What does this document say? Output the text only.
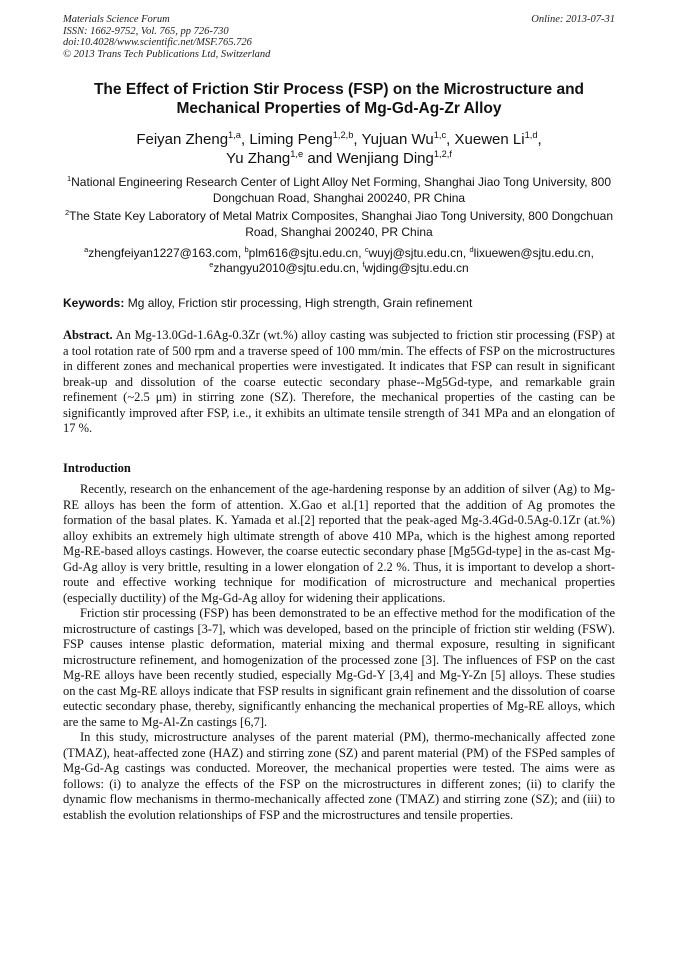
Materials Science Forum
ISSN: 1662-9752, Vol. 765, pp 726-730
doi:10.4028/www.scientific.net/MSF.765.726
© 2013 Trans Tech Publications Ltd, Switzerland
Online: 2013-07-31
The Effect of Friction Stir Process (FSP) on the Microstructure and Mechanical Properties of Mg-Gd-Ag-Zr Alloy
Feiyan Zheng$^{1,a}$, Liming Peng$^{1,2,b}$, Yujuan Wu$^{1,c}$, Xuewen Li$^{1,d}$,
Yu Zhang$^{1,e}$ and Wenjiang Ding$^{1,2,f}$
$^1$National Engineering Research Center of Light Alloy Net Forming, Shanghai Jiao Tong University, 800 Dongchuan Road, Shanghai 200240, PR China
$^2$The State Key Laboratory of Metal Matrix Composites, Shanghai Jiao Tong University, 800 Dongchuan Road, Shanghai 200240, PR China
$^a$zhengfeiyan1227@163.com, $^b$plm616@sjtu.edu.cn, $^c$wuyj@sjtu.edu.cn, $^d$lixuewen@sjtu.edu.cn,
$^e$zhangyu2010@sjtu.edu.cn, $^f$wjding@sjtu.edu.cn
Keywords: Mg alloy, Friction stir processing, High strength, Grain refinement
Abstract. An Mg-13.0Gd-1.6Ag-0.3Zr (wt.%) alloy casting was subjected to friction stir processing (FSP) at a tool rotation rate of 500 rpm and a traverse speed of 100 mm/min. The effects of FSP on the microstructures in different zones and mechanical properties were investigated. It indicates that FSP can result in significant break-up and dissolution of the coarse eutectic secondary phase--Mg5Gd-type, and remarkable grain refinement (~2.5 μm) in stirring zone (SZ). Therefore, the mechanical properties of the casting can be significantly improved after FSP, i.e., it exhibits an ultimate tensile strength of 341 MPa and an elongation of 17 %.
Introduction

Recently, research on the enhancement of the age-hardening response by an addition of silver (Ag) to Mg-RE alloys has been the form of attention. X.Gao et al.[1] reported that the addition of Ag promotes the formation of the basal plates. K. Yamada et al.[2] reported that the peak-aged Mg-3.4Gd-0.5Ag-0.1Zr (at.%) alloy exhibits an extremely high ultimate strength of above 410 MPa, which is the highest among reported Mg-RE-based alloys castings. However, the coarse eutectic secondary phase [Mg5Gd-type] in the as-cast Mg-Gd-Ag alloy is very brittle, resulting in a lower elongation of 2.2 %. Thus, it is important to develop a short-route and effective working technique for modification of microstructure and mechanical properties (especially ductility) of the Mg-Gd-Ag alloy for widening their applications.

Friction stir processing (FSP) has been demonstrated to be an effective method for the modification of the microstructure of castings [3-7], which was developed, based on the principle of friction stir welding (FSW). FSP causes intense plastic deformation, material mixing and thermal exposure, resulting in significant microstructure refinement, and homogenization of the processed zone [3]. The influences of FSP on the cast Mg-RE alloys have been recently studied, especially Mg-Gd-Y [3,4] and Mg-Y-Zn [5] alloys. These studies on the cast Mg-RE alloys indicate that FSP results in significant grain refinement and the dissolution of coarse eutectic secondary phase, thereby, significantly enhancing the mechanical properties of Mg-RE alloys, which are the same to Mg-Al-Zn castings [6,7].

In this study, microstructure analyses of the parent material (PM), thermo-mechanically affected zone (TMAZ), heat-affected zone (HAZ) and stirring zone (SZ) and parent material (PM) of the FSPed samples of Mg-Gd-Ag castings was conducted. Moreover, the mechanical properties were tested. The aims were as follows: (i) to analyze the effects of the FSP on the microstructures in different zones; (ii) to clarify the dynamic flow mechanisms in thermo-mechanically affected zone (TMAZ) and stirring zone (SZ); and (iii) to establish the evolution relationships of FSP and the microstructures and tensile properties.
